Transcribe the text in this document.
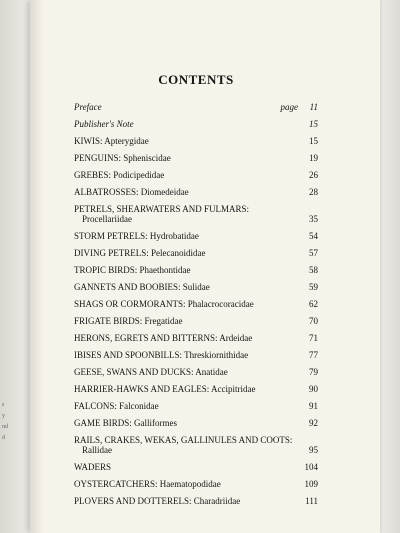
s
y
nd
d
CONTENTS
Preface	page 11
Publisher's Note	15
KIWIS: Apterygidae	15
PENGUINS: Spheniscidae	19
GREBES: Podicipedidae	26
ALBATROSSES: Diomedeidae	28
PETRELS, SHEARWATERS AND FULMARS:
Procellariidae	35
STORM PETRELS: Hydrobatidae	54
DIVING PETRELS: Pelecanoididae	57
TROPIC BIRDS: Phaethontidae	58
GANNETS AND BOOBIES: Sulidae	59
SHAGS OR CORMORANTS: Phalacrocoracidae	62
FRIGATE BIRDS: Fregatidae	70
HERONS, EGRETS AND BITTERNS: Ardeidae	71
IBISES AND SPOONBILLS: Threskiornithidae	77
GEESE, SWANS AND DUCKS: Anatidae	79
HARRIER-HAWKS AND EAGLES: Accipitridae	90
FALCONS: Falconidae	91
GAME BIRDS: Galliformes	92
RAILS, CRAKES, WEKAS, GALLINULES AND COOTS:
Rallidae	95
WADERS	104
OYSTERCATCHERS: Haematopodidae	109
PLOVERS AND DOTTERELS: Charadriidae	111
